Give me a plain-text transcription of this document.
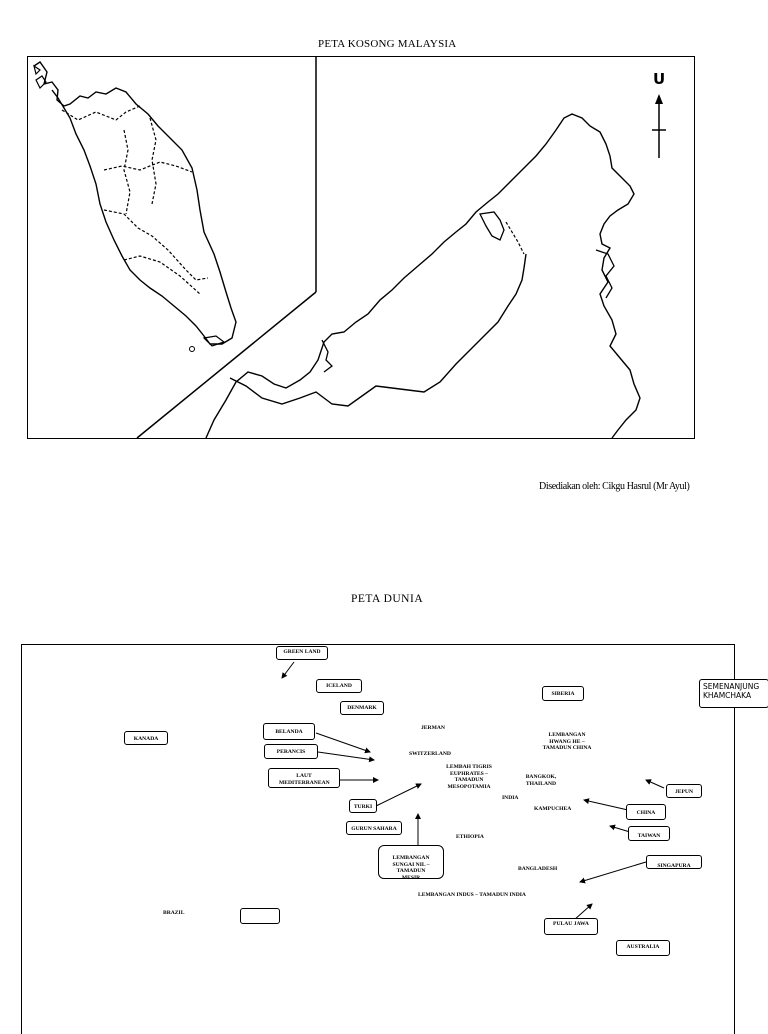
PETA KOSONG MALAYSIA
U
Disediakan oleh: Cikgu Hasrul (Mr Ayul)
PETA DUNIA
GREEN LAND
ICELAND
DENMARK
BELANDA
PERANCIS
LAUT MEDITERRANEAN
TURKI
GURUN SAHARA
LEMBANGAN SUNGAI NIL – TAMADUN MESIR
SIBERIA
KANADA
JEPUN
CHINA
TAIWAN
SINGAPURA
PULAU JAWA
AUSTRALIA
JERMAN
SWITZERLAND
LEMBAH TIGRIS EUPHRATES – TAMADUN MESOPOTAMIA
LEMBANGAN HWANG HE – TAMADUN CHINA
BANGKOK, THAILAND
INDIA
KAMPUCHEA
ETHIOPIA
BANGLADESH
LEMBANGAN INDUS – TAMADUN INDIA
BRAZIL
SEMENANJUNG KHAMCHAKA
